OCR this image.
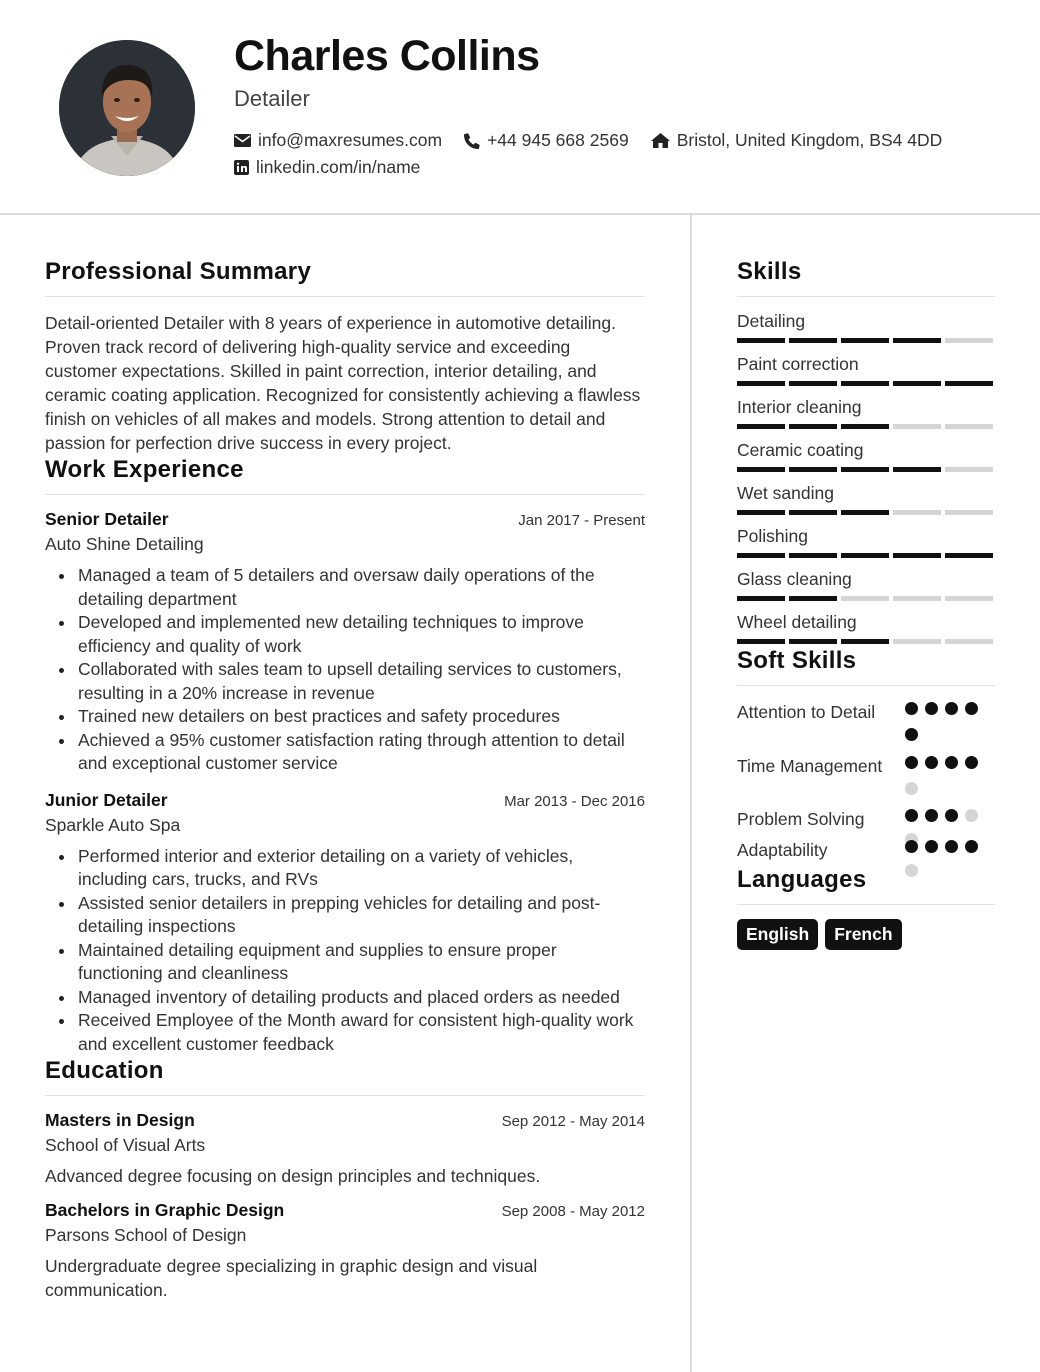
Charles Collins
Detailer
info@maxresumes.com	+44 945 668 2569	Bristol, United Kingdom, BS4 4DD
linkedin.com/in/name
Professional Summary
Detail-oriented Detailer with 8 years of experience in automotive detailing. Proven track record of delivering high-quality service and exceeding customer expectations. Skilled in paint correction, interior detailing, and ceramic coating application. Recognized for consistently achieving a flawless finish on vehicles of all makes and models. Strong attention to detail and passion for perfection drive success in every project.
Work Experience
Senior Detailer	Jan 2017 - Present
Auto Shine Detailing
Managed a team of 5 detailers and oversaw daily operations of the detailing department
Developed and implemented new detailing techniques to improve efficiency and quality of work
Collaborated with sales team to upsell detailing services to customers, resulting in a 20% increase in revenue
Trained new detailers on best practices and safety procedures
Achieved a 95% customer satisfaction rating through attention to detail and exceptional customer service
Junior Detailer	Mar 2013 - Dec 2016
Sparkle Auto Spa
Performed interior and exterior detailing on a variety of vehicles, including cars, trucks, and RVs
Assisted senior detailers in prepping vehicles for detailing and post-detailing inspections
Maintained detailing equipment and supplies to ensure proper functioning and cleanliness
Managed inventory of detailing products and placed orders as needed
Received Employee of the Month award for consistent high-quality work and excellent customer feedback
Education
Masters in Design	Sep 2012 - May 2014
School of Visual Arts
Advanced degree focusing on design principles and techniques.
Bachelors in Graphic Design	Sep 2008 - May 2012
Parsons School of Design
Undergraduate degree specializing in graphic design and visual communication.
Skills
Detailing
Paint correction
Interior cleaning
Ceramic coating
Wet sanding
Polishing
Glass cleaning
Wheel detailing
Soft Skills
Attention to Detail
Time Management
Problem Solving
Adaptability
Languages
English	French
